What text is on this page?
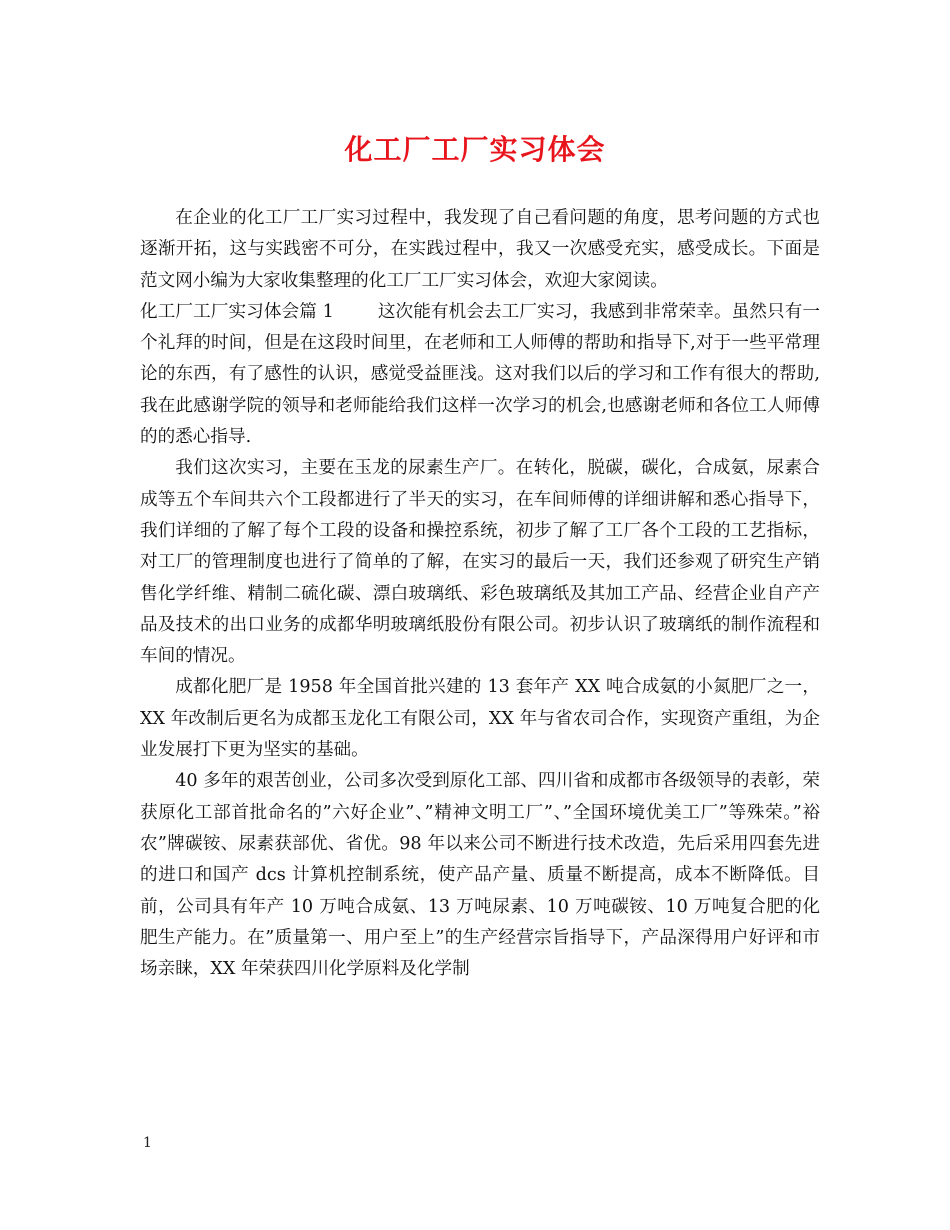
化工厂工厂实习体会

在企业的化工厂工厂实习过程中，我发现了自己看问题的角度，思考问题的方式也逐渐开拓，这与实践密不可分，在实践过程中，我又一次感受充实，感受成长。下面是范文网小编为大家收集整理的化工厂工厂实习体会，欢迎大家阅读。

化工厂工厂实习体会篇 1	这次能有机会去工厂实习，我感到非常荣幸。虽然只有一个礼拜的时间，但是在这段时间里，在老师和工人师傅的帮助和指导下,对于一些平常理论的东西，有了感性的认识，感觉受益匪浅。这对我们以后的学习和工作有很大的帮助,我在此感谢学院的领导和老师能给我们这样一次学习的机会,也感谢老师和各位工人师傅的的悉心指导.

我们这次实习，主要在玉龙的尿素生产厂。在转化，脱碳，碳化，合成氨，尿素合成等五个车间共六个工段都进行了半天的实习，在车间师傅的详细讲解和悉心指导下，我们详细的了解了每个工段的设备和操控系统，初步了解了工厂各个工段的工艺指标，对工厂的管理制度也进行了简单的了解，在实习的最后一天，我们还参观了研究生产销售化学纤维、精制二硫化碳、漂白玻璃纸、彩色玻璃纸及其加工产品、经营企业自产产品及技术的出口业务的成都华明玻璃纸股份有限公司。初步认识了玻璃纸的制作流程和车间的情况。

成都化肥厂是 1958 年全国首批兴建的 13 套年产 XX 吨合成氨的小氮肥厂之一，XX 年改制后更名为成都玉龙化工有限公司，XX 年与省农司合作，实现资产重组，为企业发展打下更为坚实的基础。

40 多年的艰苦创业，公司多次受到原化工部、四川省和成都市各级领导的表彰，荣获原化工部首批命名的”六好企业”、”精神文明工厂”、”全国环境优美工厂”等殊荣。”裕农”牌碳铵、尿素获部优、省优。98 年以来公司不断进行技术改造，先后采用四套先进的进口和国产 dcs 计算机控制系统，使产品产量、质量不断提高，成本不断降低。目前，公司具有年产 10 万吨合成氨、13 万吨尿素、10 万吨碳铵、10 万吨复合肥的化肥生产能力。在”质量第一、用户至上”的生产经营宗旨指导下，产品深得用户好评和市场亲睐，XX 年荣获四川化学原料及化学制

1
